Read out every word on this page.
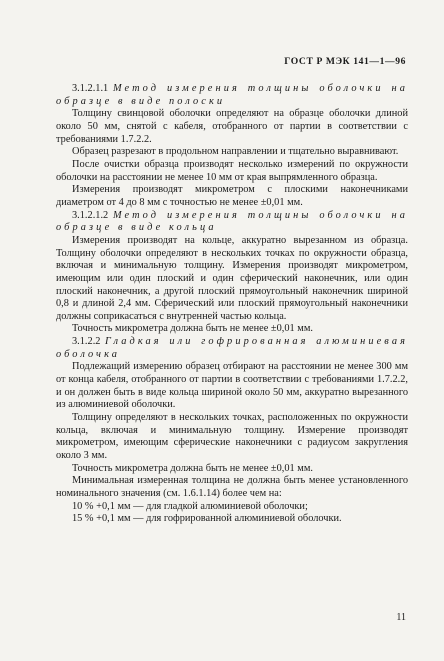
ГОСТ Р МЭК 141—1—96

3.1.2.1.1 Метод измерения толщины оболочки на образце в виде полоски

Толщину свинцовой оболочки определяют на образце оболочки длиной около 50 мм, снятой с кабеля, отобранного от партии в соответствии с требованиями 1.7.2.2.

Образец разрезают в продольном направлении и тщательно выравнивают.

После очистки образца производят несколько измерений по окружности оболочки на расстоянии не менее 10 мм от края выпрямленного образца.

Измерения производят микрометром с плоскими наконечниками диаметром от 4 до 8 мм с точностью не менее ±0,01 мм.

3.1.2.1.2 Метод измерения толщины оболочки на образце в виде кольца

Измерения производят на кольце, аккуратно вырезанном из образца. Толщину оболочки определяют в нескольких точках по окружности образца, включая и минимальную толщину. Измерения производят микрометром, имеющим или один плоский и один сферический наконечник, или один плоский наконечник, а другой плоский прямоугольный наконечник шириной 0,8 и длиной 2,4 мм. Сферический или плоский прямоугольный наконечники должны соприкасаться с внутренней частью кольца.

Точность микрометра должна быть не менее ±0,01 мм.

3.1.2.2 Гладкая или гофрированная алюминиевая оболочка

Подлежащий измерению образец отбирают на расстоянии не менее 300 мм от конца кабеля, отобранного от партии в соответствии с требованиями 1.7.2.2, и он должен быть в виде кольца шириной около 50 мм, аккуратно вырезанного из алюминиевой оболочки.

Толщину определяют в нескольких точках, расположенных по окружности кольца, включая и минимальную толщину. Измерение производят микрометром, имеющим сферические наконечники с радиусом закругления около 3 мм.

Точность микрометра должна быть не менее ±0,01 мм.

Минимальная измеренная толщина не должна быть менее установленного номинального значения (см. 1.6.1.14) более чем на:

10 % +0,1 мм — для гладкой алюминиевой оболочки;

15 % +0,1 мм — для гофрированной алюминиевой оболочки.

11
